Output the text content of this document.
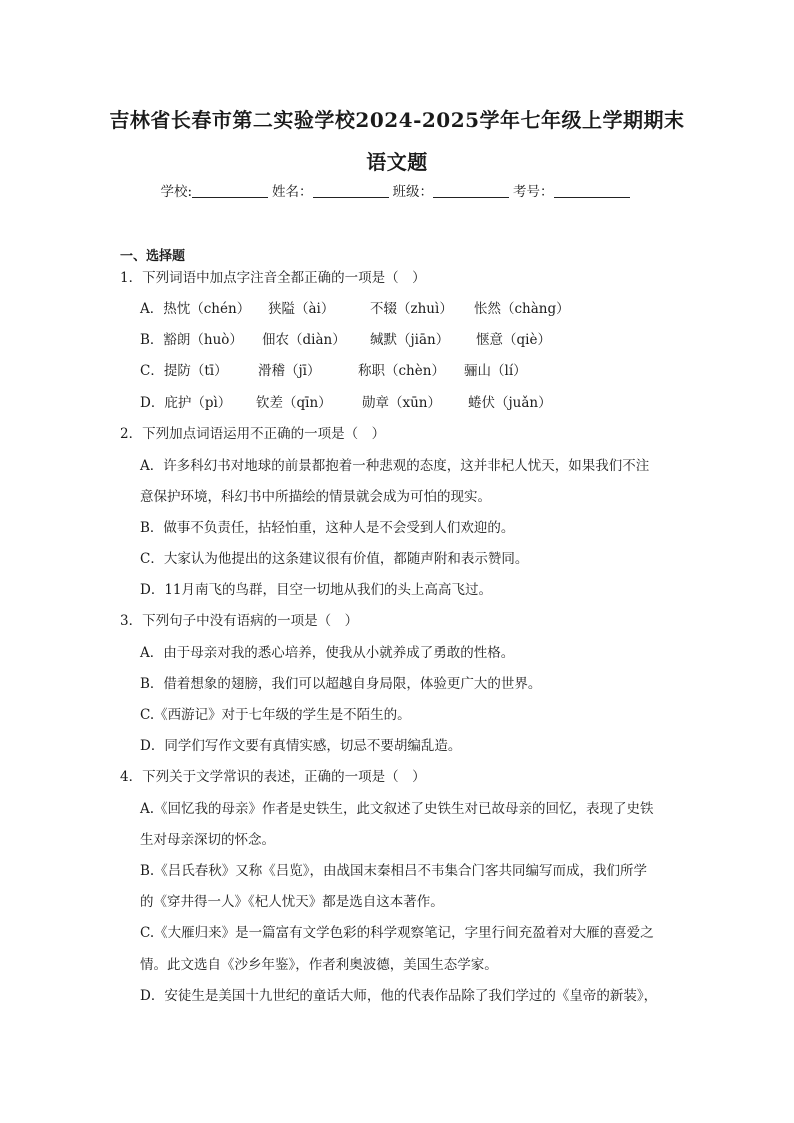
吉林省长春市第二实验学校2024-2025学年七年级上学期期末
语文题
学校:	姓名：	班级：	考号：
一、选择题
1．下列词语中加点字注音全都正确的一项是（　）
A．热忱（chén） 狭隘（ài）	不辍（zhuì） 怅然（chàng）
B．豁朗（huò） 佃农（diàn） 缄默（jiān） 惬意（qiè）
C．提防（tī） 滑稽（jī）	称职（chèn） 骊山（lí）
D．庇护（pì） 钦差（qīn） 勋章（xūn） 蜷伏（juǎn）
2．下列加点词语运用不正确的一项是（　）
A．许多科幻书对地球的前景都抱着一种悲观的态度，这并非杞人忧天，如果我们不注
意保护环境，科幻书中所描绘的情景就会成为可怕的现实。
B．做事不负责任，拈轻怕重，这种人是不会受到人们欢迎的。
C．大家认为他提出的这条建议很有价值，都随声附和表示赞同。
D．11月南飞的鸟群，目空一切地从我们的头上高高飞过。
3．下列句子中没有语病的一项是（　）
A．由于母亲对我的悉心培养，使我从小就养成了勇敢的性格。
B．借着想象的翅膀，我们可以超越自身局限，体验更广大的世界。
C.《西游记》对于七年级的学生是不陌生的。
D．同学们写作文要有真情实感，切忌不要胡编乱造。
4．下列关于文学常识的表述，正确的一项是（　）
A.《回忆我的母亲》作者是史铁生，此文叙述了史铁生对已故母亲的回忆，表现了史铁
生对母亲深切的怀念。
B.《吕氏春秋》又称《吕览》，由战国末秦相吕不韦集合门客共同编写而成，我们所学
的《穿井得一人》《杞人忧天》都是选自这本著作。
C.《大雁归来》是一篇富有文学色彩的科学观察笔记，字里行间充盈着对大雁的喜爱之
情。此文选自《沙乡年鉴》，作者利奥波德，美国生态学家。
D．安徒生是美国十九世纪的童话大师，他的代表作品除了我们学过的《皇帝的新装》，
